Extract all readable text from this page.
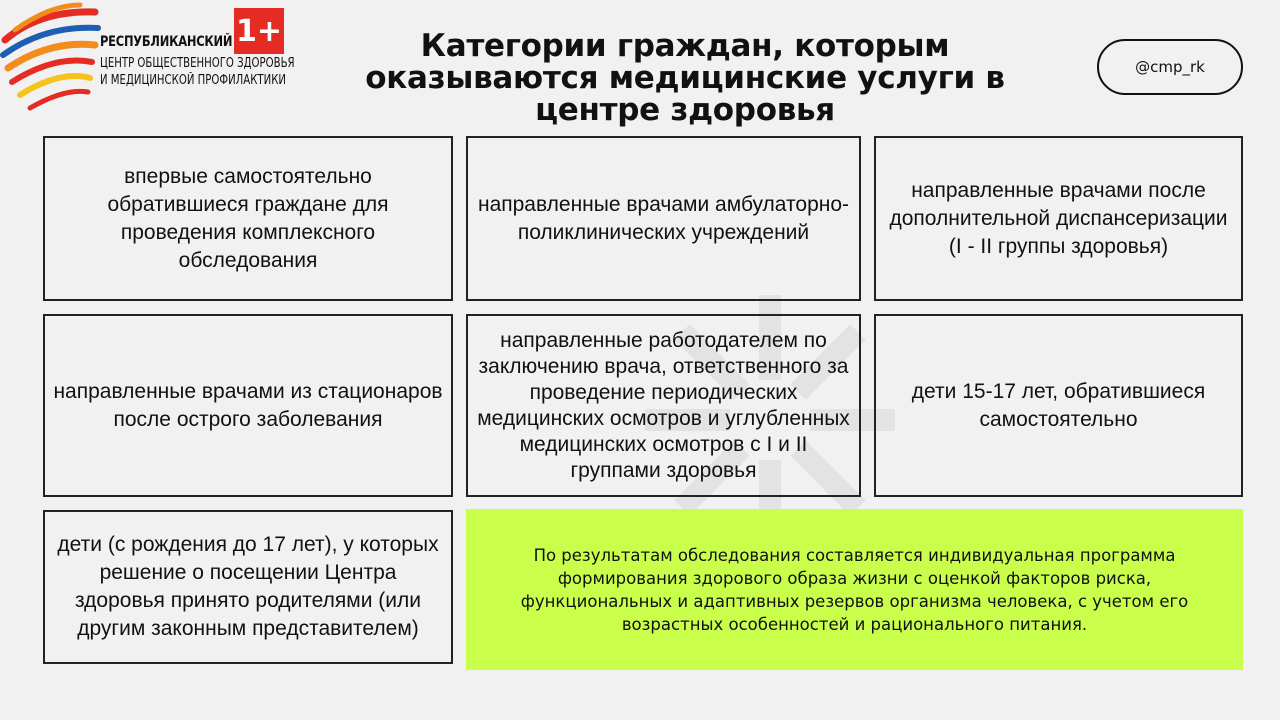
1+
РЕСПУБЛИКАНСКИЙ
ЦЕНТР ОБЩЕСТВЕННОГО ЗДОРОВЬЯ
И МЕДИЦИНСКОЙ ПРОФИЛАКТИКИ
Категории граждан, которым оказываются медицинские услуги в центре здоровья
@cmp_rk
впервые самостоятельно обратившиеся граждане для проведения комплексного обследования
направленные врачами амбулаторно-поликлинических учреждений
направленные врачами после дополнительной диспансеризации (I - II группы здоровья)
направленные врачами из стационаров после острого заболевания
направленные работодателем по заключению врача, ответственного за проведение периодических медицинских осмотров и углубленных медицинских осмотров с I и II группами здоровья
дети 15-17 лет, обратившиеся самостоятельно
дети (с рождения до 17 лет), у которых решение о посещении Центра здоровья принято родителями (или другим законным представителем)
По результатам обследования составляется индивидуальная программа формирования здорового образа жизни с оценкой факторов риска, функциональных и адаптивных резервов организма человека, с учетом его возрастных особенностей и рационального питания.
